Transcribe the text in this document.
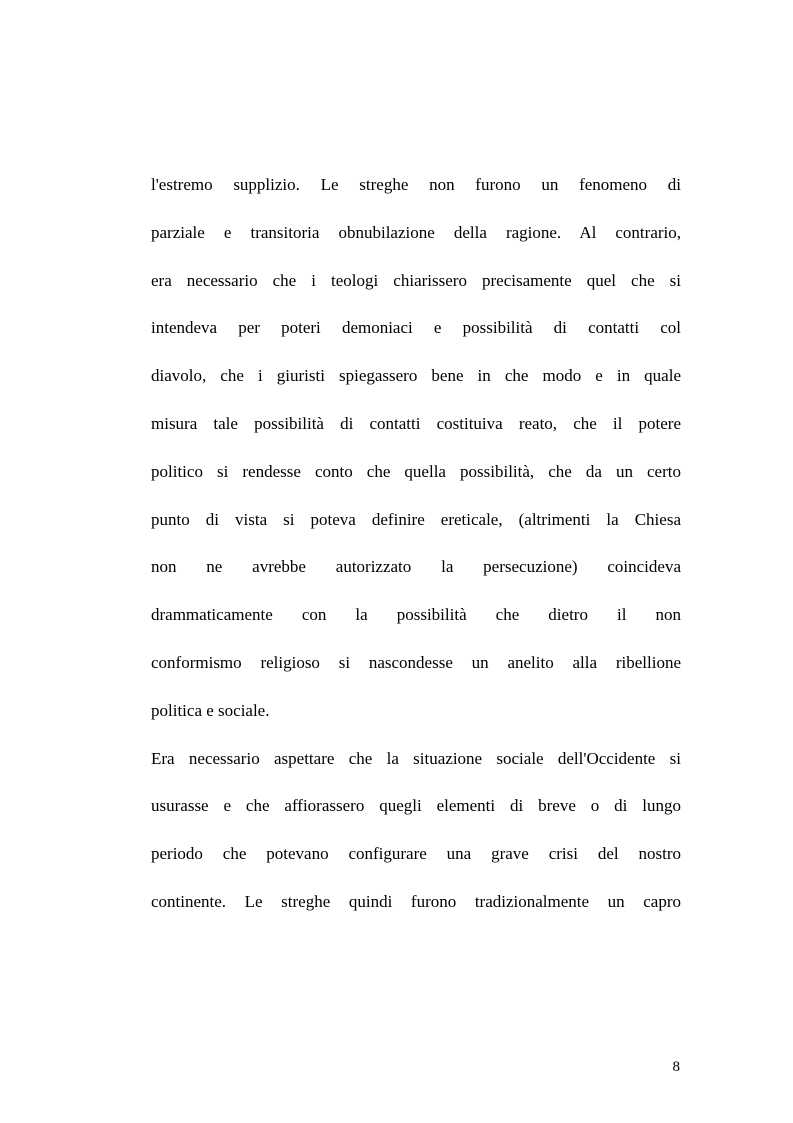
l'estremo supplizio. Le streghe non furono un fenomeno di
parziale e transitoria obnubilazione della ragione. Al contrario,
era necessario che i teologi chiarissero precisamente quel che si
intendeva per poteri demoniaci e possibilità di contatti col
diavolo, che i giuristi spiegassero bene in che modo e in quale
misura tale possibilità di contatti costituiva reato, che il potere
politico si rendesse conto che quella possibilità, che da un certo
punto di vista si poteva definire ereticale, (altrimenti la Chiesa
non ne avrebbe autorizzato la persecuzione) coincideva
drammaticamente con la possibilità che dietro il non
conformismo religioso si nascondesse un anelito alla ribellione
politica e sociale.
Era necessario aspettare che la situazione sociale dell'Occidente si
usurasse e che affiorassero quegli elementi di breve o di lungo
periodo che potevano configurare una grave crisi del nostro
continente. Le streghe quindi furono tradizionalmente un capro
8
